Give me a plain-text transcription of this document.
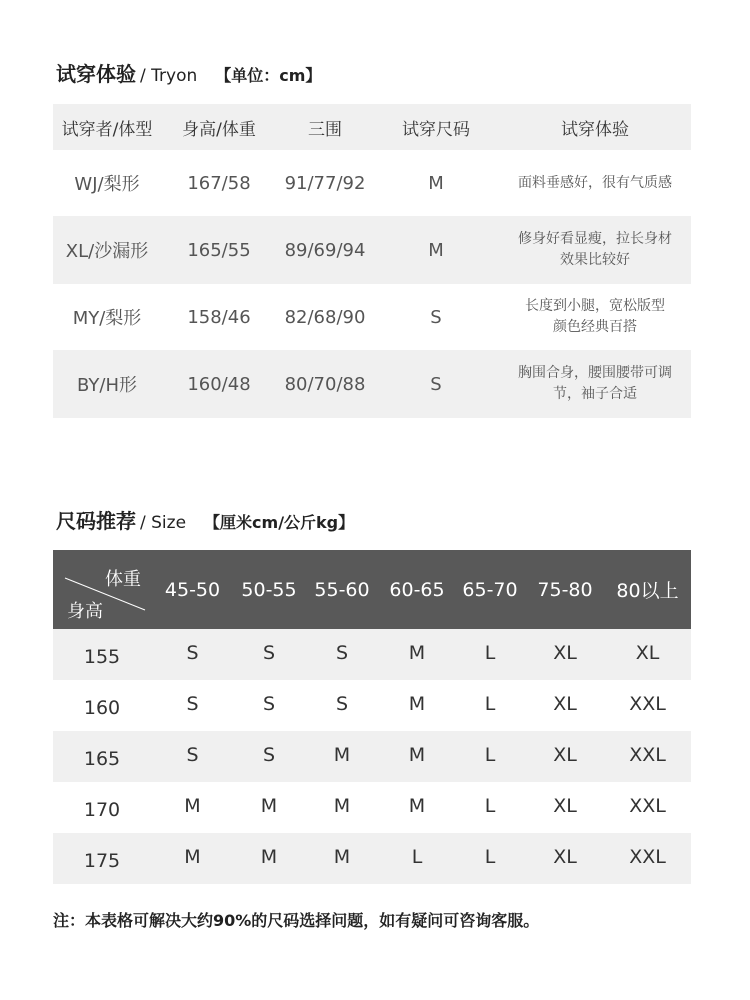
试穿体验 / Tryon 【单位：cm】
试穿者/体型	身高/体重	三围	试穿尺码	试穿体验
WJ/梨形	167/58	91/77/92	M	面料垂感好，很有气质感
XL/沙漏形	165/55	89/69/94	M
修身好看显瘦，拉长身材
效果比较好
MY/梨形	158/46	82/68/90	S
长度到小腿，宽松版型
颜色经典百搭
BY/H形	160/48	80/70/88	S
胸围合身，腰围腰带可调
节，袖子合适
尺码推荐 / Size 【厘米cm/公斤kg】
体重
身高
45-50	50-55 55-60	60-65 65-70	75-80	80以上
155	S	S	S	M	L	XL	XL
160	S	S	S	M	L	XL	XXL
165	S	S	M	M	L	XL	XXL
170	M	M	M	M	L	XL	XXL
175	M	M	M	L	L	XL	XXL
注：本表格可解决大约90%的尺码选择问题，如有疑问可咨询客服。
